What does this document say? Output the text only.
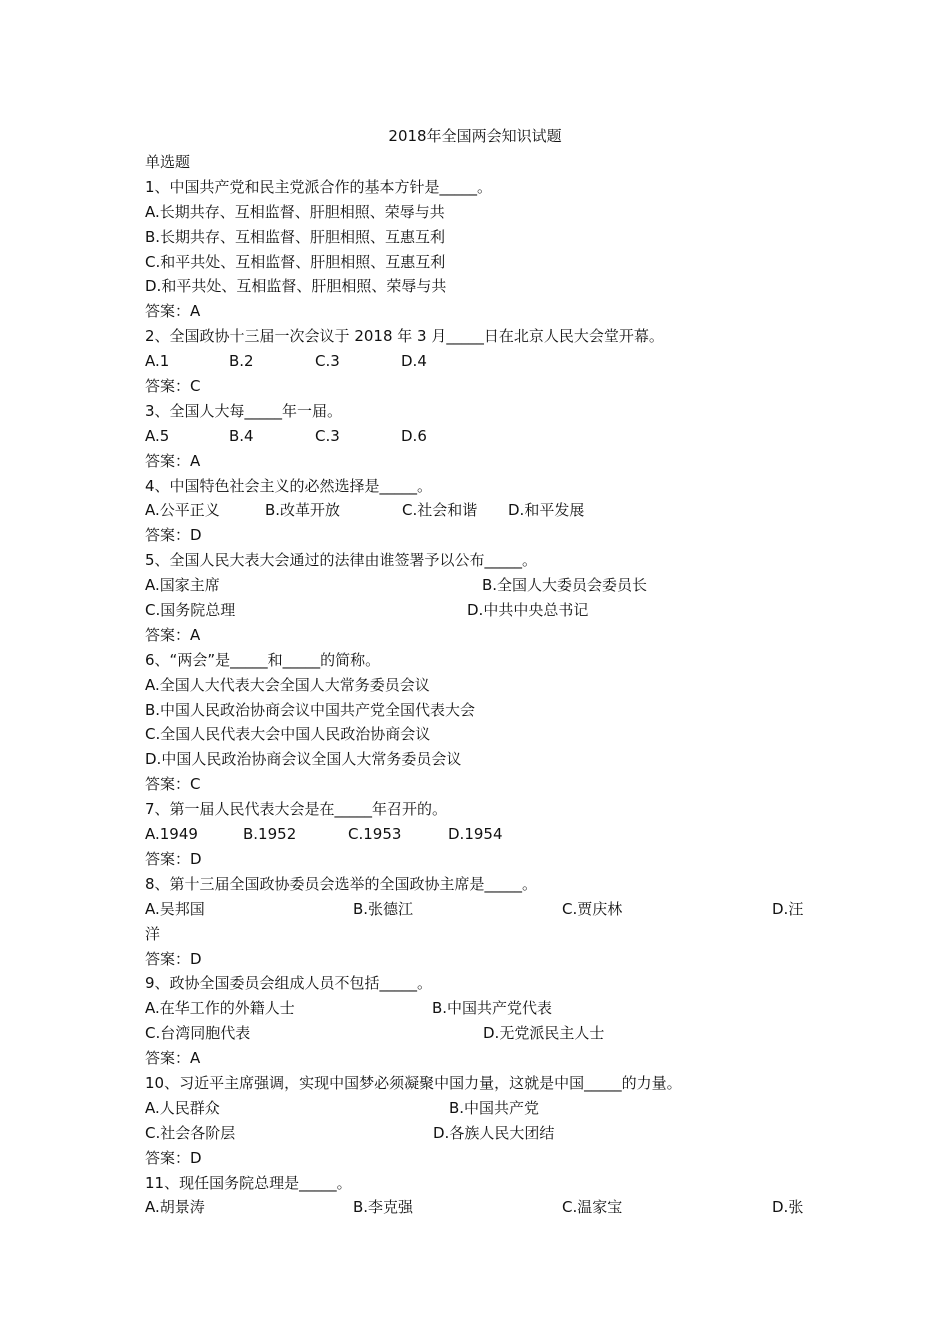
2018年全国两会知识试题
单选题
1、中国共产党和民主党派合作的基本方针是_____。
A.长期共存、互相监督、肝胆相照、荣辱与共
B.长期共存、互相监督、肝胆相照、互惠互利
C.和平共处、互相监督、肝胆相照、互惠互利
D.和平共处、互相监督、肝胆相照、荣辱与共
答案：A
2、全国政协十三届一次会议于 2018 年 3 月_____日在北京人民大会堂开幕。
A.1	B.2	C.3	D.4
答案：C
3、全国人大每_____年一届。
A.5	B.4	C.3	D.6
答案：A
4、中国特色社会主义的必然选择是_____。
A.公平正义	B.改革开放	C.社会和谐 D.和平发展
答案：D
5、全国人民大表大会通过的法律由谁签署予以公布_____。
A.国家主席	B.全国人大委员会委员长
C.国务院总理	D.中共中央总书记
答案：A
6、“两会”是_____和_____的简称。
A.全国人大代表大会全国人大常务委员会议
B.中国人民政治协商会议中国共产党全国代表大会
C.全国人民代表大会中国人民政治协商会议
D.中国人民政治协商会议全国人大常务委员会议
答案：C
7、第一届人民代表大会是在_____年召开的。
A.1949	B.1952	C.1953	D.1954
答案：D
8、第十三届全国政协委员会选举的全国政协主席是_____。
A.吴邦国	B.张德江	C.贾庆林	D.汪
洋
答案：D
9、政协全国委员会组成人员不包括_____。
A.在华工作的外籍人士	B.中国共产党代表
C.台湾同胞代表	D.无党派民主人士
答案：A
10、习近平主席强调，实现中国梦必须凝聚中国力量，这就是中国_____的力量。
A.人民群众	B.中国共产党
C.社会各阶层	D.各族人民大团结
答案：D
11、现任国务院总理是_____。
A.胡景涛	B.李克强	C.温家宝	D.张
